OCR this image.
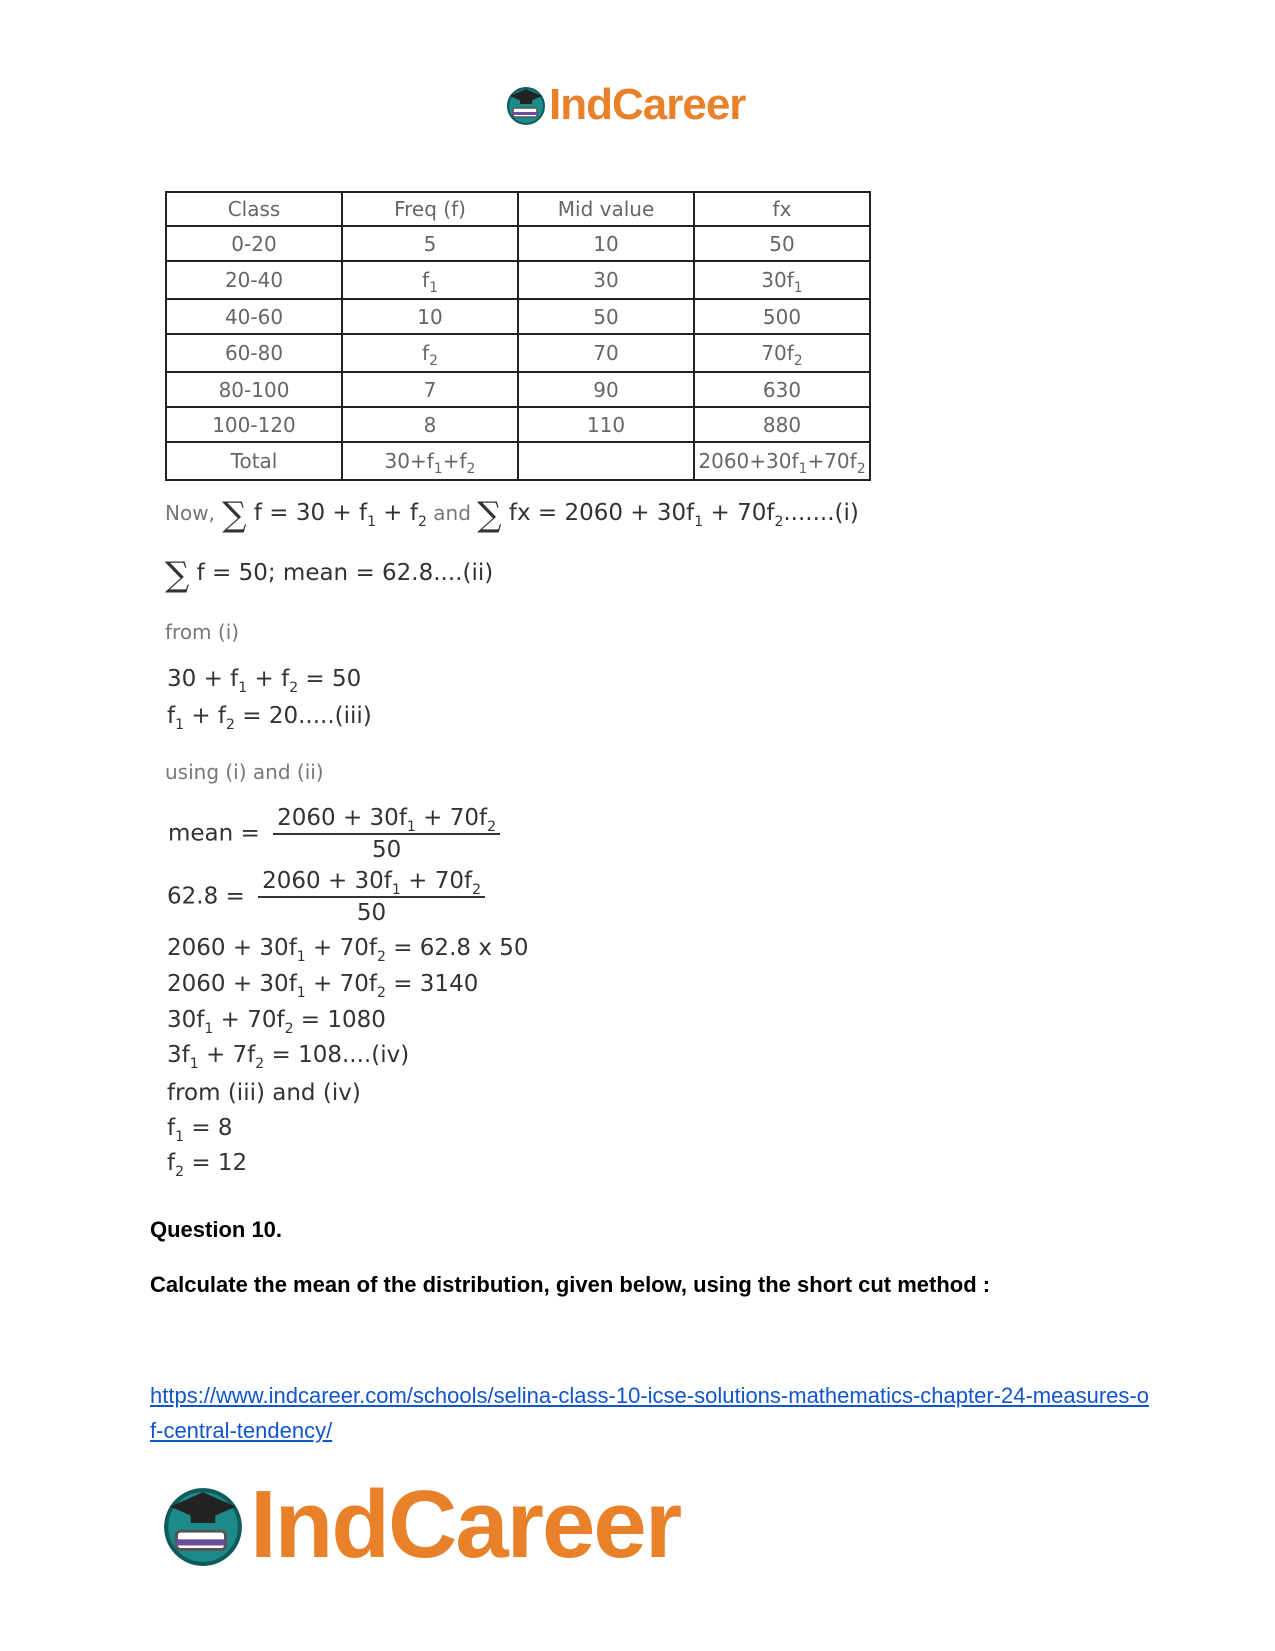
IndCareer
Class	Freq (f)	Mid value	fx
0-20	5	10	50
20-40	$f_1$	30	$30f_1$
40-60	10	50	500
60-80	$f_2$	70	$70f_2$
80-100	7	90	630
100-120	8	110	880
Total	$30+f_1+f_2$		$2060+30f_1+70f_2$
Now, ∑ $f = 30 + f_1 + f_2$ and ∑ fx = $2060 + 30f_1 + 70f_2.......(i)$
∑ f = 50; mean = 62.8....(ii)
from (i)
$30 + f_1 + f_2 = 50$
$f_1 + f_2 = 20.....(iii)$
using (i) and (ii)
mean = $\frac{2060 + 30f_1 + 70f_2}{50}$
$62.8 = \frac{2060 + 30f_1 + 70f_2}{50}$
$2060 + 30f_1 + 70f_2 = 62.8$ x 50
$2060 + 30f_1 + 70f_2 = 3140$
$30f_1 + 70f_2 = 1080$
$3f_1 + 7f_2 = 108....(iv)$
from (iii) and (iv)
$f_1 = 8$
$f_2 = 12$
Question 10.
Calculate the mean of the distribution, given below, using the short cut method :
https://www.indcareer.com/schools/selina-class-10-icse-solutions-mathematics-chapter-24-measures-of-central-tendency/
IndCareer
